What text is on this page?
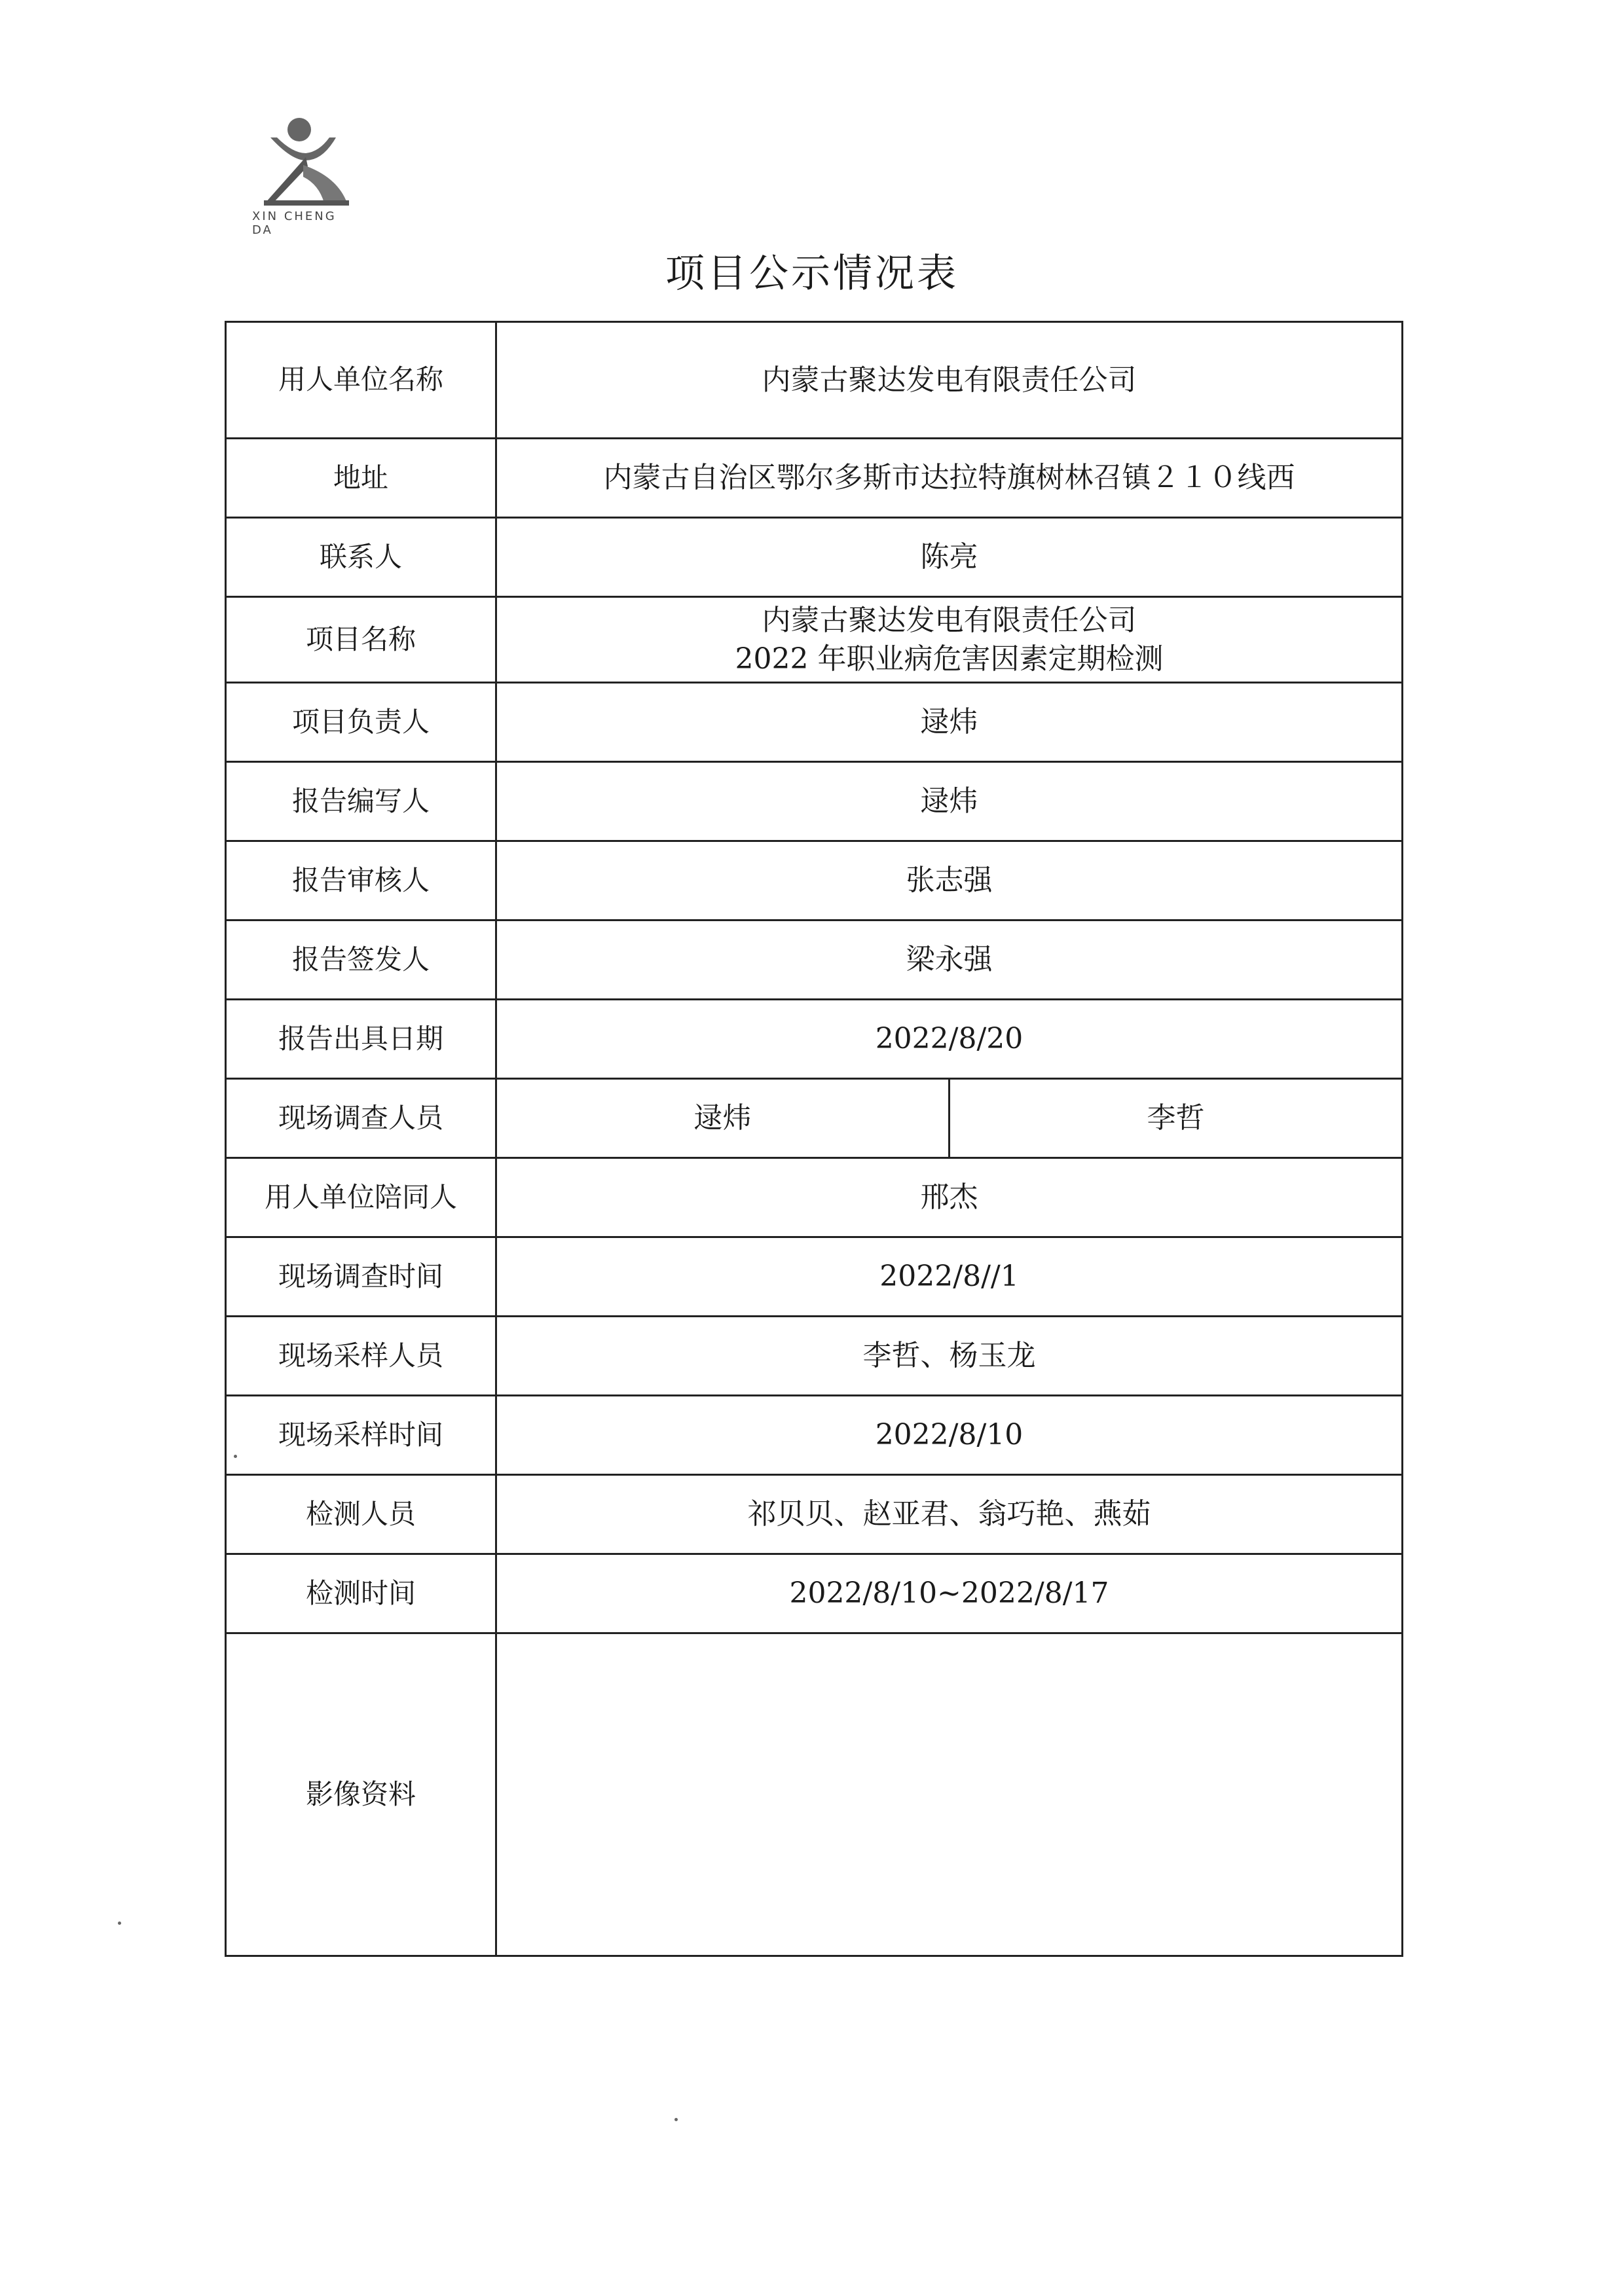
XIN CHENG DA
项目公示情况表
用人单位名称	内蒙古聚达发电有限责任公司	
地址	内蒙古自治区鄂尔多斯市达拉特旗树林召镇２１０线西	
联系人	陈亮	
项目名称	内蒙古聚达发电有限责任公司
2022 年职业病危害因素定期检测	

项目负责人	逯炜	
报告编写人	逯炜	
报告审核人	张志强	
报告签发人	梁永强	
报告出具日期	2022/8/20	
现场调查人员	逯炜	李哲
用人单位陪同人	邢杰	
现场调查时间	2022/8//1	
现场采样人员	李哲、杨玉龙	
现场采样时间	2022/8/10	
检测人员	祁贝贝、赵亚君、翁巧艳、燕茹	
检测时间	2022/8/10~2022/8/17	
影像资料		
